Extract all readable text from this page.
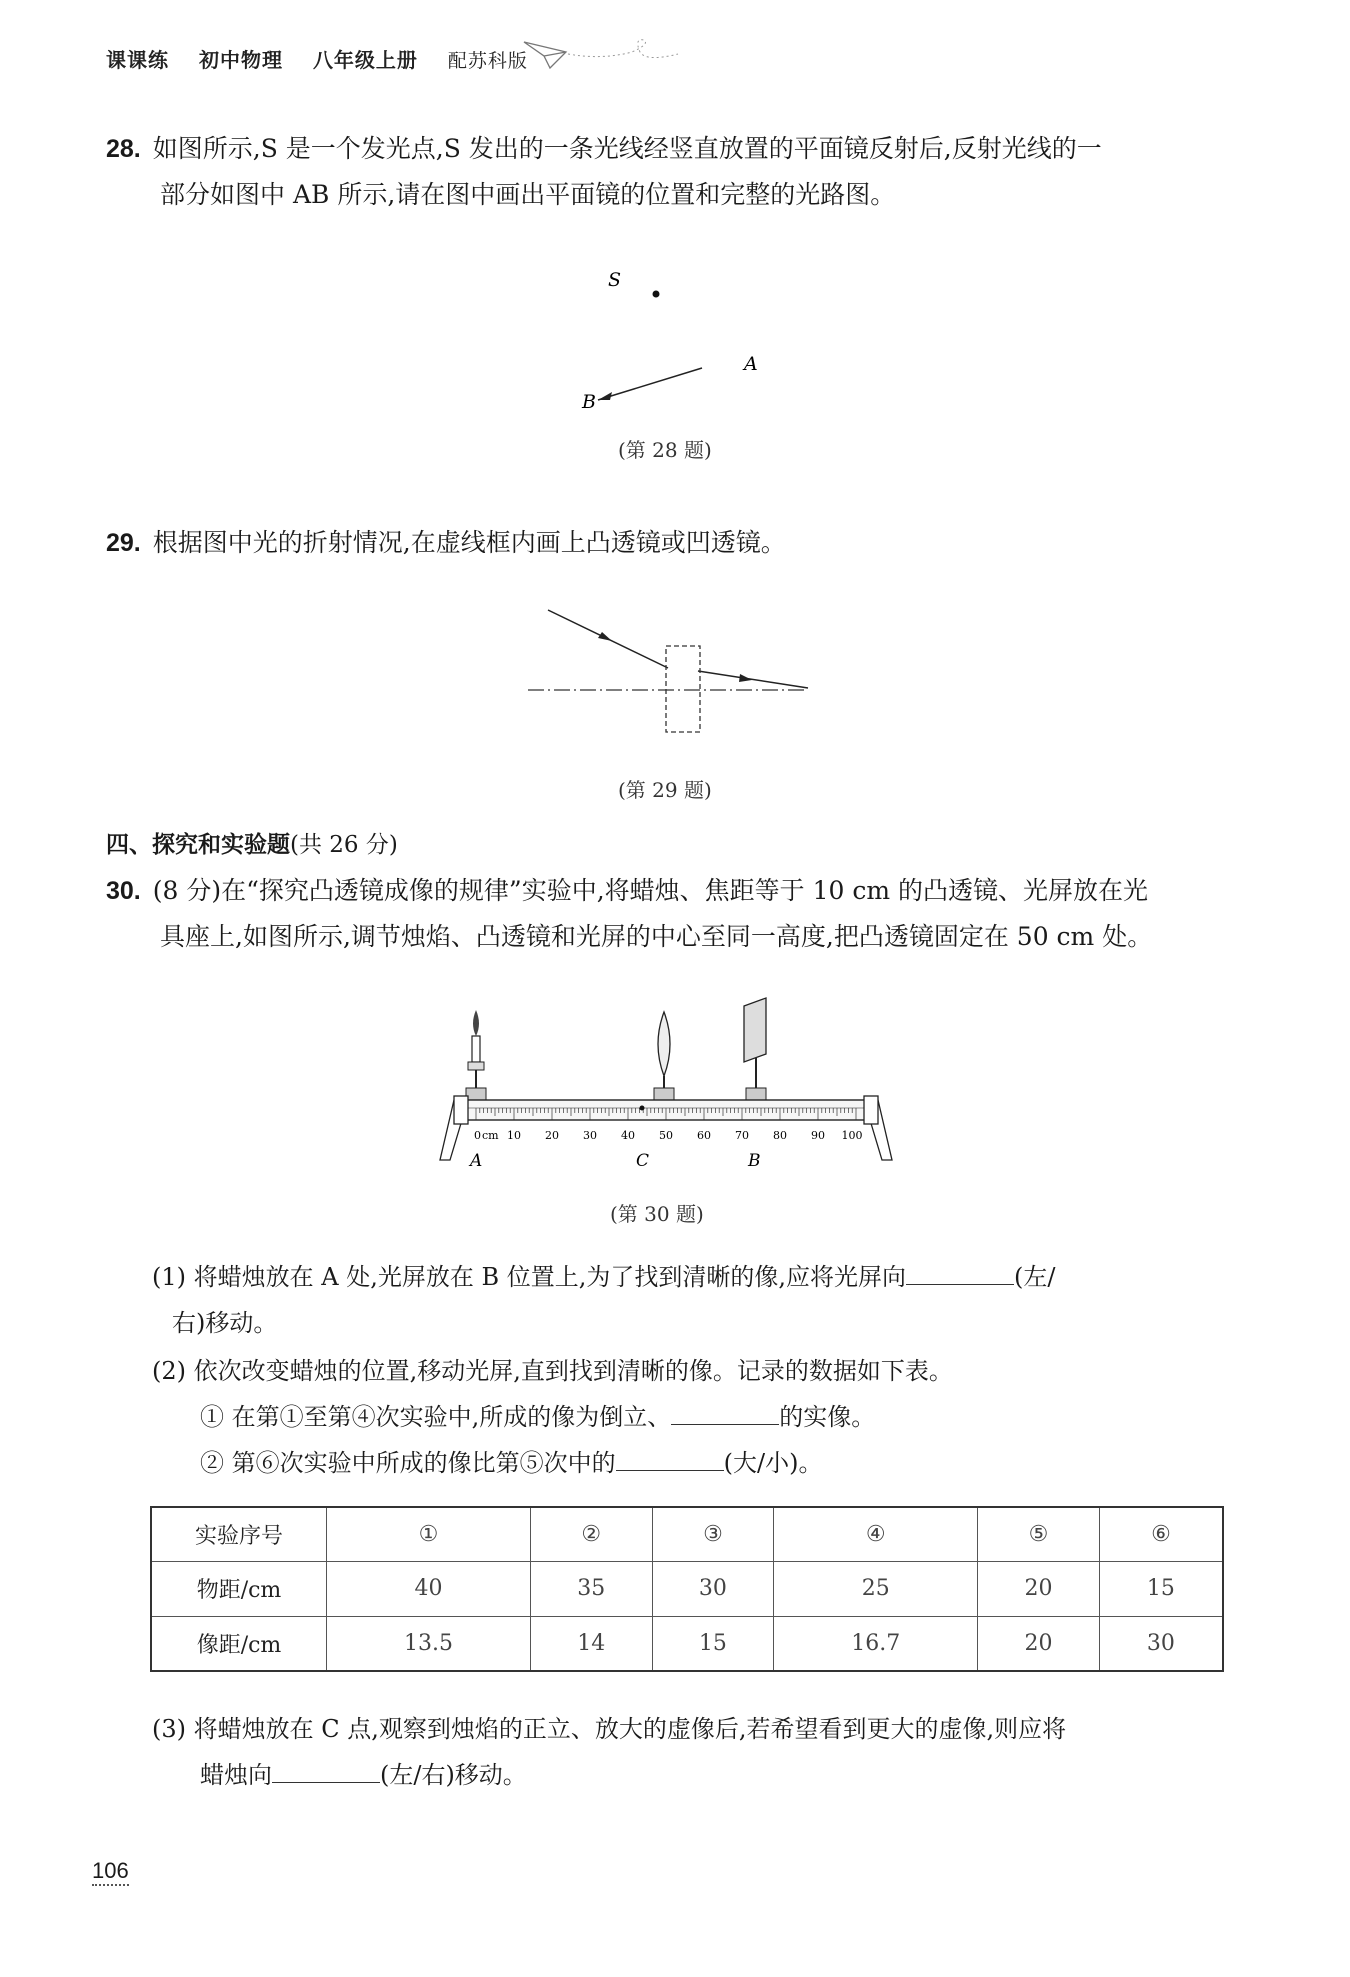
课课练 初中物理 八年级上册 配苏科版
28. 如图所示,S 是一个发光点,S 发出的一条光线经竖直放置的平面镜反射后,反射光线的一
部分如图中 AB 所示,请在图中画出平面镜的位置和完整的光路图。
S
A
B
(第 28 题)
29. 根据图中光的折射情况,在虚线框内画上凸透镜或凹透镜。
(第 29 题)
四、探究和实验题(共 26 分)
30. (8 分)在“探究凸透镜成像的规律”实验中,将蜡烛、焦距等于 10 cm 的凸透镜、光屏放在光
具座上,如图所示,调节烛焰、凸透镜和光屏的中心至同一高度,把凸透镜固定在 50 cm 处。
0 cm 10 20 30 40 50 60 70 80 90 100
A	C	B
(第 30 题)
(1) 将蜡烛放在 A 处,光屏放在 B 位置上,为了找到清晰的像,应将光屏向	(左/
右)移动。
(2) 依次改变蜡烛的位置,移动光屏,直到找到清晰的像。记录的数据如下表。
① 在第①至第④次实验中,所成的像为倒立、	的实像。
② 第⑥次实验中所成的像比第⑤次中的	(大/小)。
实验序号	①	②	③	④	⑤	⑥
物距/cm	40	35	30	25	20	15
像距/cm	13.5	14	15	16.7	20	30
(3) 将蜡烛放在 C 点,观察到烛焰的正立、放大的虚像后,若希望看到更大的虚像,则应将
蜡烛向	(左/右)移动。
106
